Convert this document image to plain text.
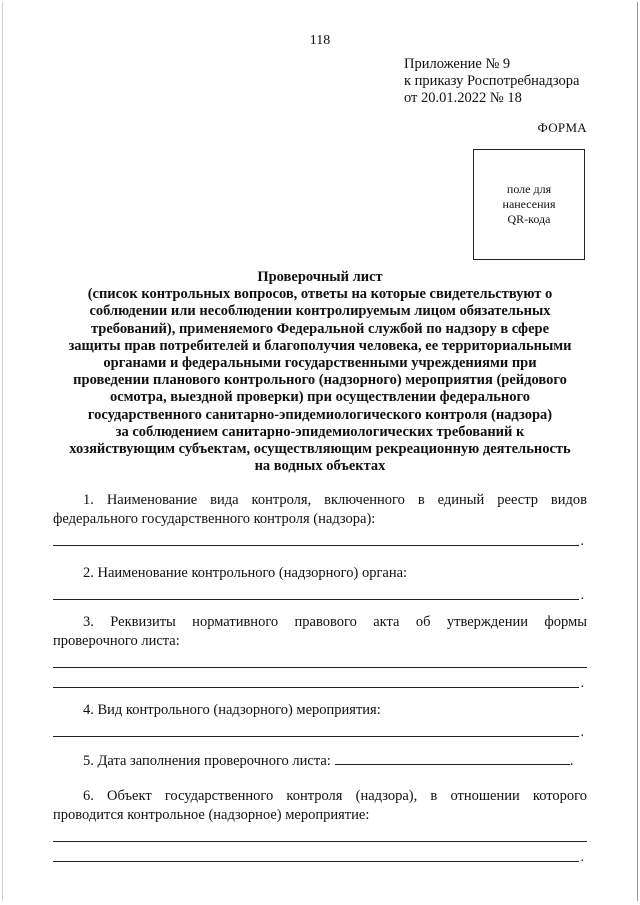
118
Приложение № 9
к приказу Роспотребнадзора
от 20.01.2022 № 18
ФОРМА
поле для
нанесения
QR-кода
Проверочный лист
(список контрольных вопросов, ответы на которые свидетельствуют о
соблюдении или несоблюдении контролируемым лицом обязательных
требований), применяемого Федеральной службой по надзору в сфере
защиты прав потребителей и благополучия человека, ее территориальными
органами и федеральными государственными учреждениями при
проведении планового контрольного (надзорного) мероприятия (рейдового
осмотра, выездной проверки) при осуществлении федерального
государственного санитарно-эпидемиологического контроля (надзора)
за соблюдением санитарно-эпидемиологических требований к
хозяйствующим субъектам, осуществляющим рекреационную деятельность
на водных объектах
1. Наименование вида контроля, включенного в единый реестр видов
федерального государственного контроля (надзора):
.
2. Наименование контрольного (надзорного) органа:
.
3. Реквизиты нормативного правового акта об утверждении формы
проверочного листа:
.
4. Вид контрольного (надзорного) мероприятия:
.
5. Дата заполнения проверочного листа:	.
6. Объект государственного контроля (надзора), в отношении которого
проводится контрольное (надзорное) мероприятие:
.
